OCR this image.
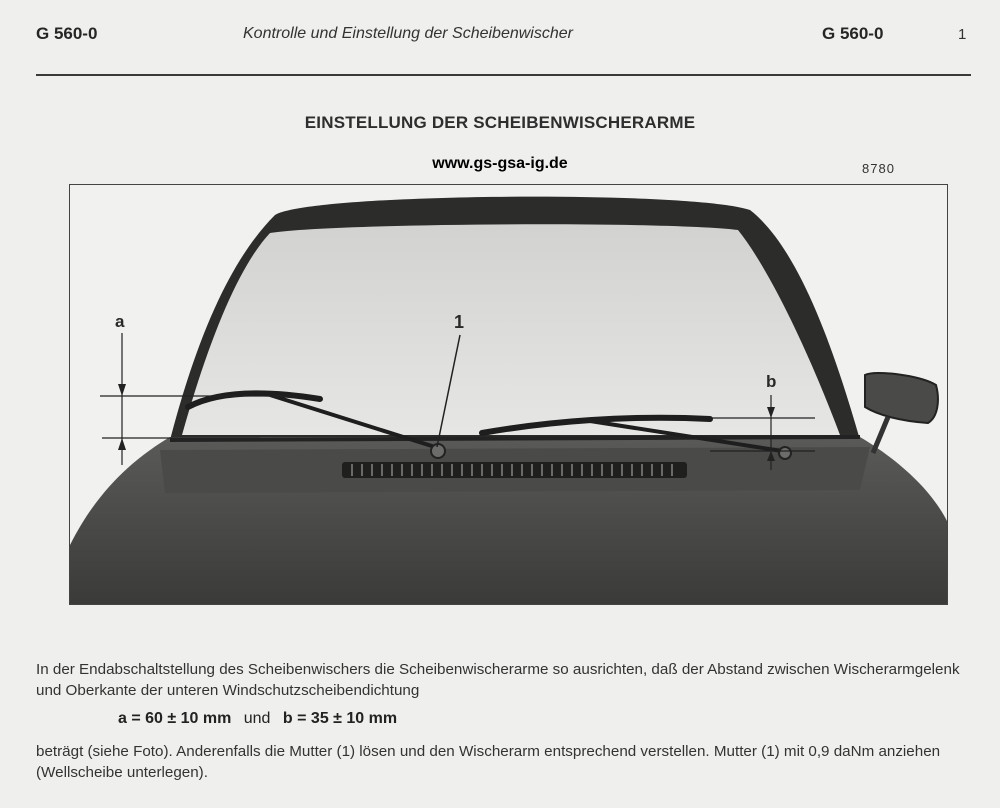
G 560-0	Kontrolle und Einstellung der Scheibenwischer	G 560-0	1
EINSTELLUNG DER SCHEIBENWISCHERARME
www.gs-gsa-ig.de	8780
a
b
1
In der Endabschaltstellung des Scheibenwischers die Scheibenwischerarme so ausrichten, daß der Abstand zwischen Wischerarmgelenk und Oberkante der unteren Windschutzscheibendichtung
a = 60 ± 10 mm und b = 35 ± 10 mm
beträgt (siehe Foto). Anderenfalls die Mutter (1) lösen und den Wischerarm entsprechend verstellen. Mutter (1) mit 0,9 daNm anziehen (Wellscheibe unterlegen).
